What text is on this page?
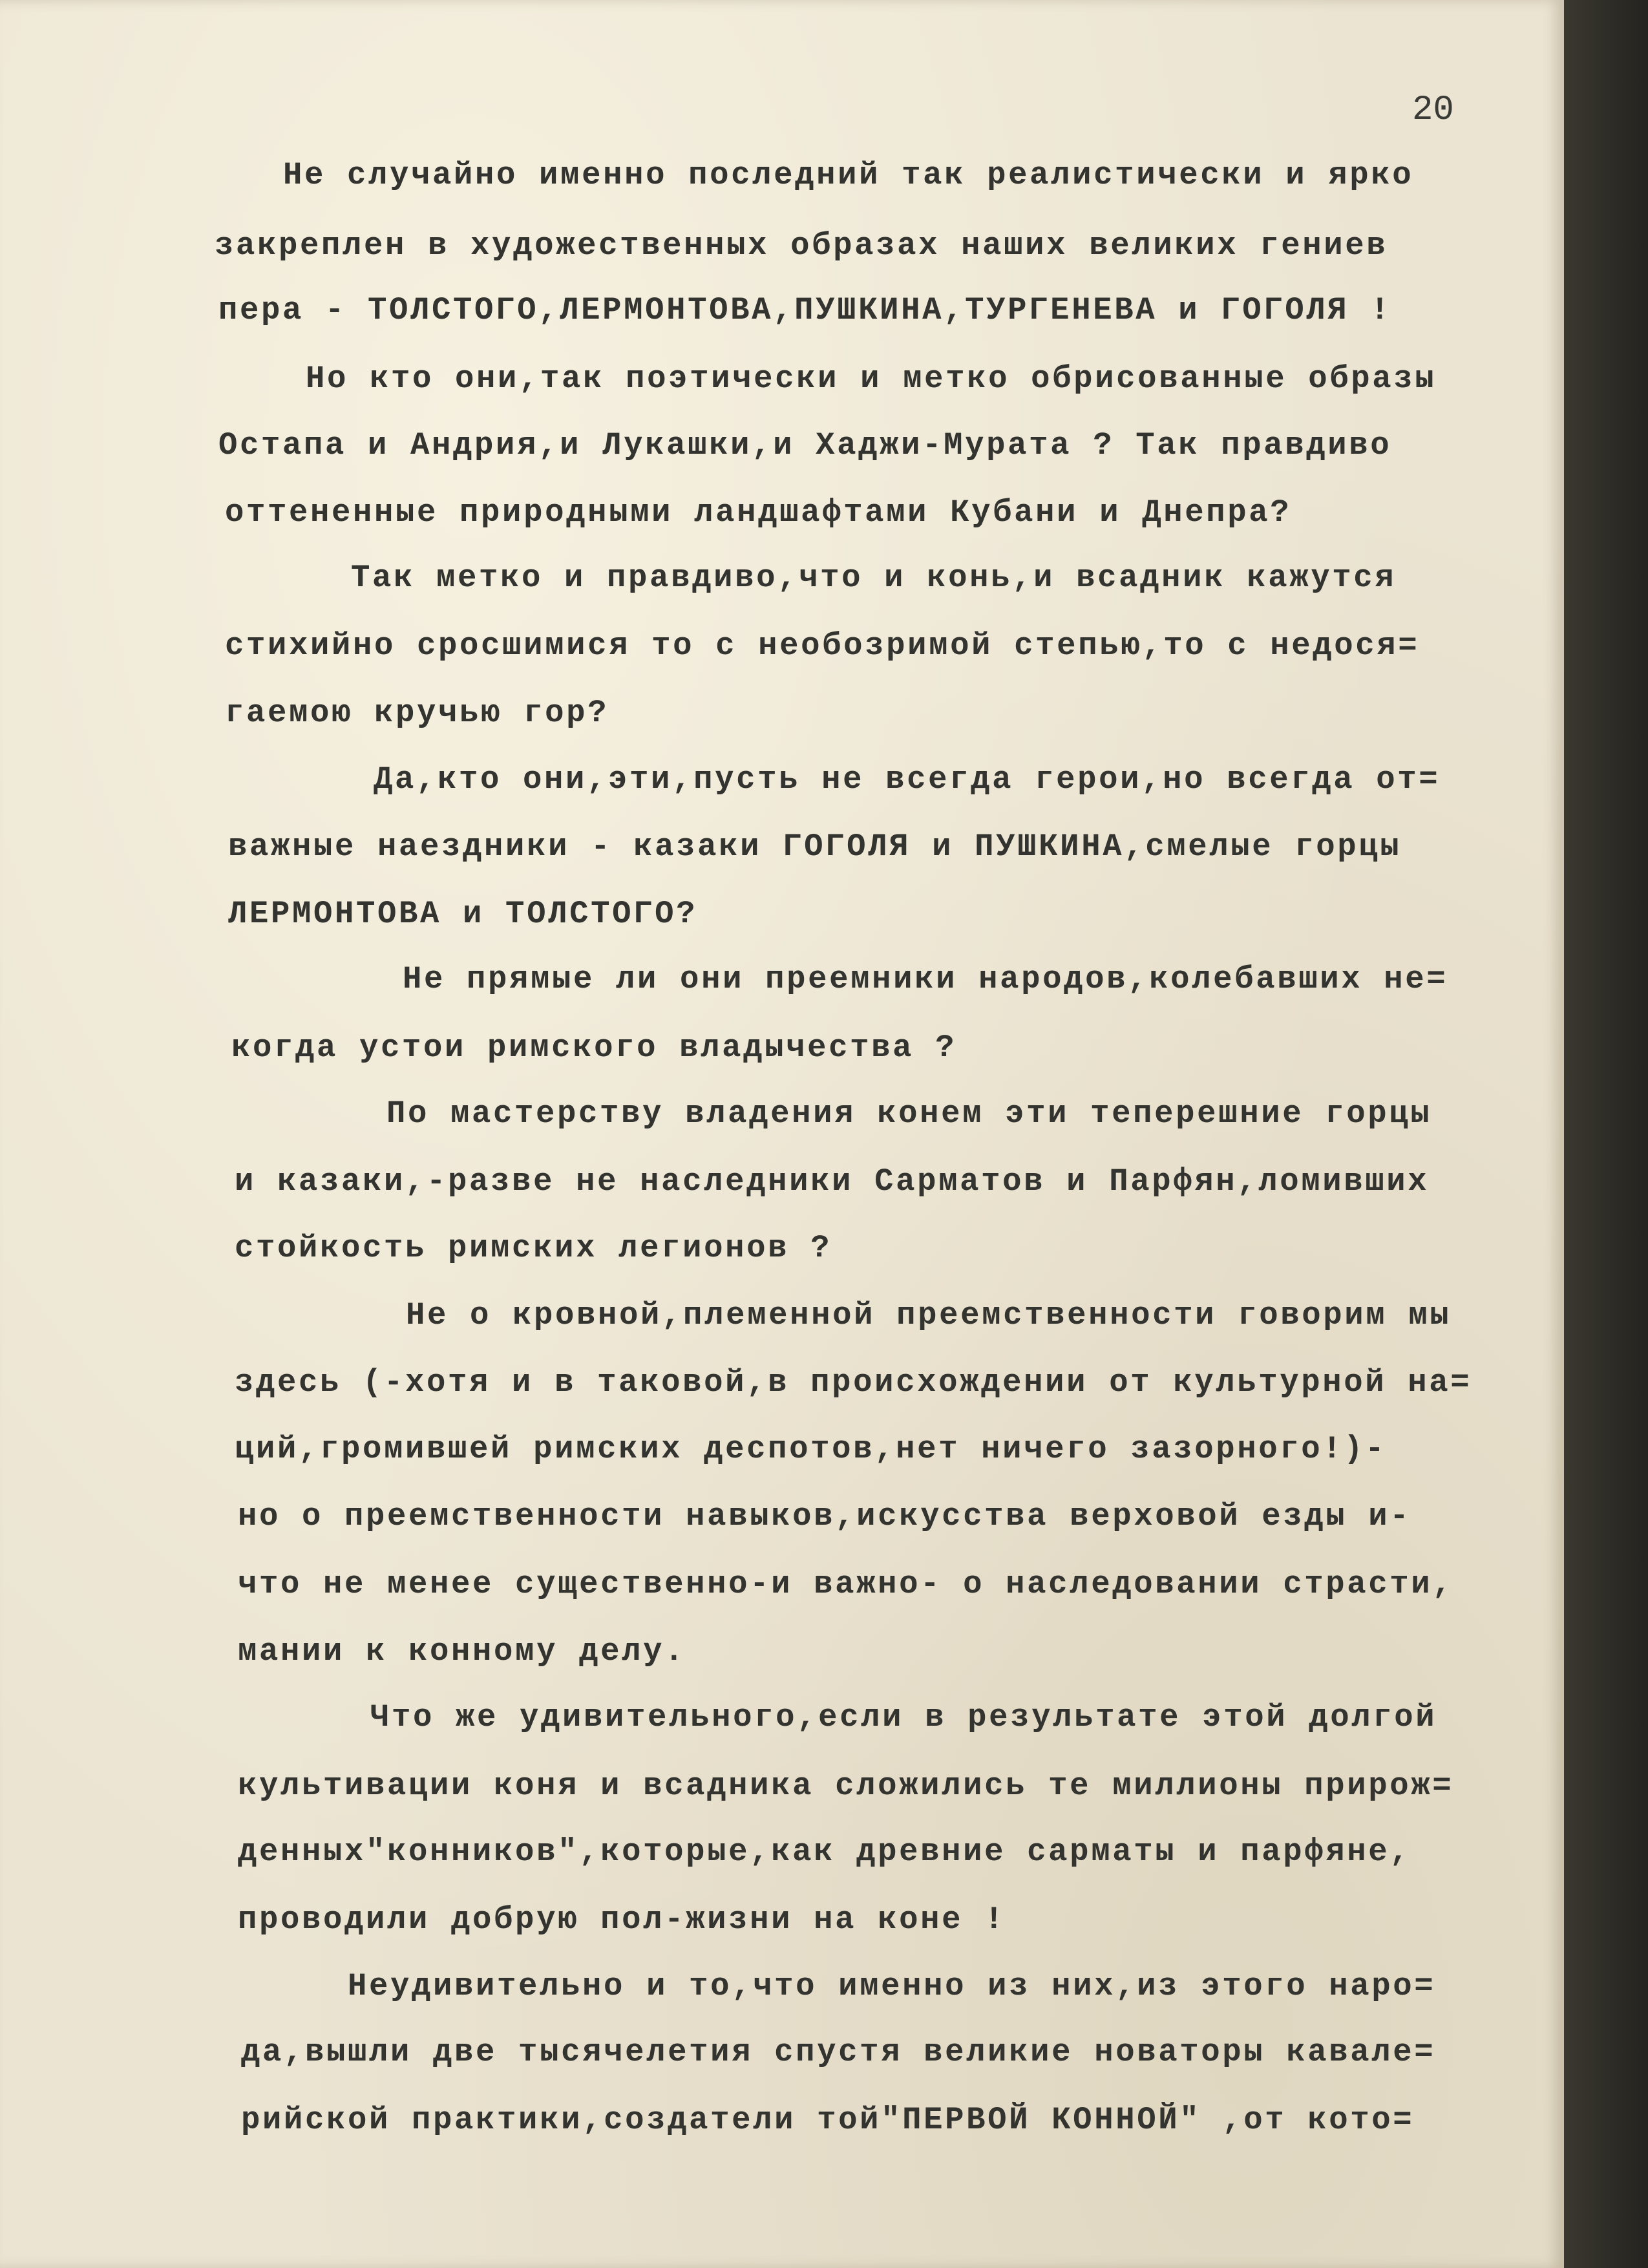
20

Не случайно именно последний так реалистически и ярко

закреплен в художественных образах наших великих гениев

пера - ТОЛСТОГО,ЛЕРМОНТОВА,ПУШКИНА,ТУРГЕНЕВА и ГОГОЛЯ !

Но кто они,так поэтически и метко обрисованные образы

Остапа и Андрия,и Лукашки,и Хаджи-Мурата ? Так правдиво

оттененные природными ландшафтами Кубани и Днепра?

Так метко и правдиво,что и конь,и всадник кажутся

стихийно сросшимися то с необозримой степью,то с недося=

гаемою кручью гор?

Да,кто они,эти,пусть не всегда герои,но всегда от=

важные наездники - казаки ГОГОЛЯ и ПУШКИНА,смелые горцы

ЛЕРМОНТОВА и ТОЛСТОГО?

Не прямые ли они преемники народов,колебавших не=

когда устои римского владычества ?

По мастерству владения конем эти теперешние горцы

и казаки,-разве не наследники Сарматов и Парфян,ломивших

стойкость римских легионов ?

Не о кровной,племенной преемственности говорим мы

здесь (-хотя и в таковой,в происхождении от культурной на=

ций,громившей римских деспотов,нет ничего зазорного!)-

но о преемственности навыков,искусства верховой езды и-

что не менее существенно-и важно- о наследовании страсти,

мании к конному делу.

Что же удивительного,если в результате этой долгой

культивации коня и всадника сложились те миллионы прирож=

денных"конников",которые,как древние сарматы и парфяне,

проводили добрую пол-жизни на коне !

Неудивительно и то,что именно из них,из этого наро=

да,вышли две тысячелетия спустя великие новаторы кавале=

рийской практики,создатели той"ПЕРВОЙ КОННОЙ" ,от кото=
